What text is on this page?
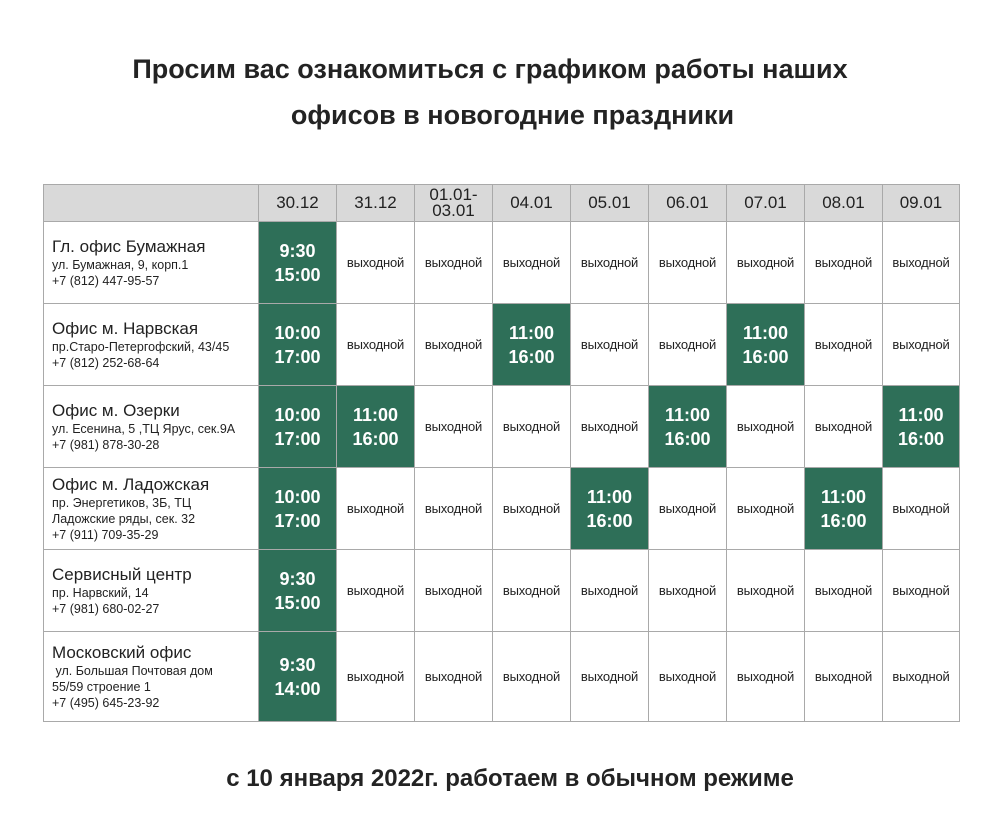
Просим вас ознакомиться с графиком работы наших
офисов в новогодние праздники
	30.12	31.12	01.01-
03.01	04.01	05.01	06.01	07.01	08.01	09.01

Гл. офис Бумажная
ул. Бумажная, 9, корп.1
+7 (812) 447-95-57	9:30
15:00	выходной	выходной	выходной	выходной	выходной	выходной	выходной	выходной

Офис м. Нарвская
пр.Старо-Петергофский, 43/45
+7 (812) 252-68-64	10:00
17:00	выходной	выходной	11:00
16:00	выходной	выходной	11:00
16:00	выходной	выходной

Офис м. Озерки
ул. Есенина, 5 ,ТЦ Ярус, сек.9А
+7 (981) 878-30-28	10:00
17:00	11:00
16:00	выходной	выходной	выходной	11:00
16:00	выходной	выходной	11:00
16:00

Офис м. Ладожская
пр. Энергетиков, 3Б, ТЦ
Ладожские ряды, сек. 32
+7 (911) 709-35-29	10:00
17:00	выходной	выходной	выходной	11:00
16:00	выходной	выходной	11:00
16:00	выходной

Сервисный центр
пр. Нарвский, 14
+7 (981) 680-02-27	9:30
15:00	выходной	выходной	выходной	выходной	выходной	выходной	выходной	выходной

Московский офис
ул. Большая Почтовая дом
55/59 строение 1
+7 (495) 645-23-92	9:30
14:00	выходной	выходной	выходной	выходной	выходной	выходной	выходной	выходной
с 10 января 2022г. работаем в обычном режиме
